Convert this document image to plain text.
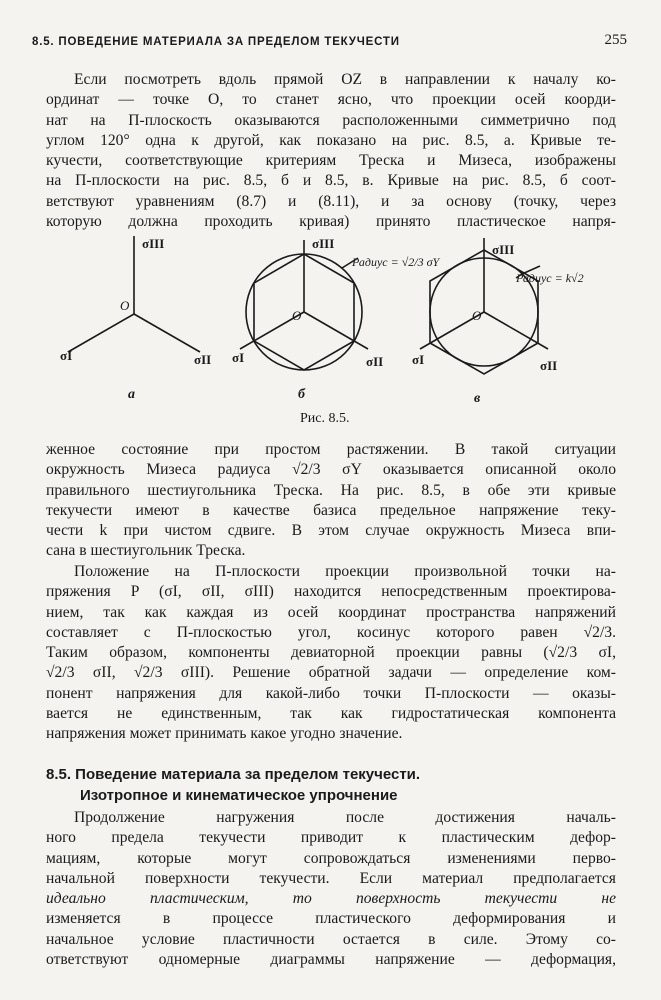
8.5. ПОВЕДЕНИЕ МАТЕРИАЛА ЗА ПРЕДЕЛОМ ТЕКУЧЕСТИ	255
Если посмотреть вдоль прямой OZ в направлении к началу ко-
ординат — точке O, то станет ясно, что проекции осей коорди-
нат на П-плоскость оказываются расположенными симметрично под
углом 120° одна к другой, как показано на рис. 8.5, а. Кривые те-
кучести, соответствующие критериям Треска и Мизеса, изображены
на П-плоскости на рис. 8.5, б и 8.5, в. Кривые на рис. 8.5, б соот-
ветствуют уравнениям (8.7) и (8.11), и за основу (точку, через
которую должна проходить кривая) принято пластическое напря-
σIII
O
σI	σII
а
σIII
O
σI	σII
Радиус = √2/3 σY
б
σIII
O
σI	σII
Радиус = k√2
в
Рис. 8.5.
женное состояние при простом растяжении. В такой ситуации
окружность Мизеса радиуса √2/3 σY оказывается описанной около
правильного шестиугольника Треска. На рис. 8.5, в обе эти кривые
текучести имеют в качестве базиса предельное напряжение теку-
чести k при чистом сдвиге. В этом случае окружность Мизеса впи-
сана в шестиугольник Треска.
Положение на П-плоскости проекции произвольной точки на-
пряжения P (σI, σII, σIII) находится непосредственным проектирова-
нием, так как каждая из осей координат пространства напряжений
составляет с П-плоскостью угол, косинус которого равен √2/3.
Таким образом, компоненты девиаторной проекции равны (√2/3 σI,
√2/3 σII, √2/3 σIII). Решение обратной задачи — определение ком-
понент напряжения для какой-либо точки П-плоскости — оказы-
вается не единственным, так как гидростатическая компонента
напряжения может принимать какое угодно значение.
8.5. Поведение материала за пределом текучести.
Изотропное и кинематическое упрочнение
Продолжение нагружения после достижения началь-
ного предела текучести приводит к пластическим дефор-
мациям, которые могут сопровождаться изменениями перво-
начальной поверхности текучести. Если материал предполагается
идеально пластическим, то поверхность текучести не
изменяется в процессе пластического деформирования и
начальное условие пластичности остается в силе. Этому со-
ответствуют одномерные диаграммы напряжение — деформация,
